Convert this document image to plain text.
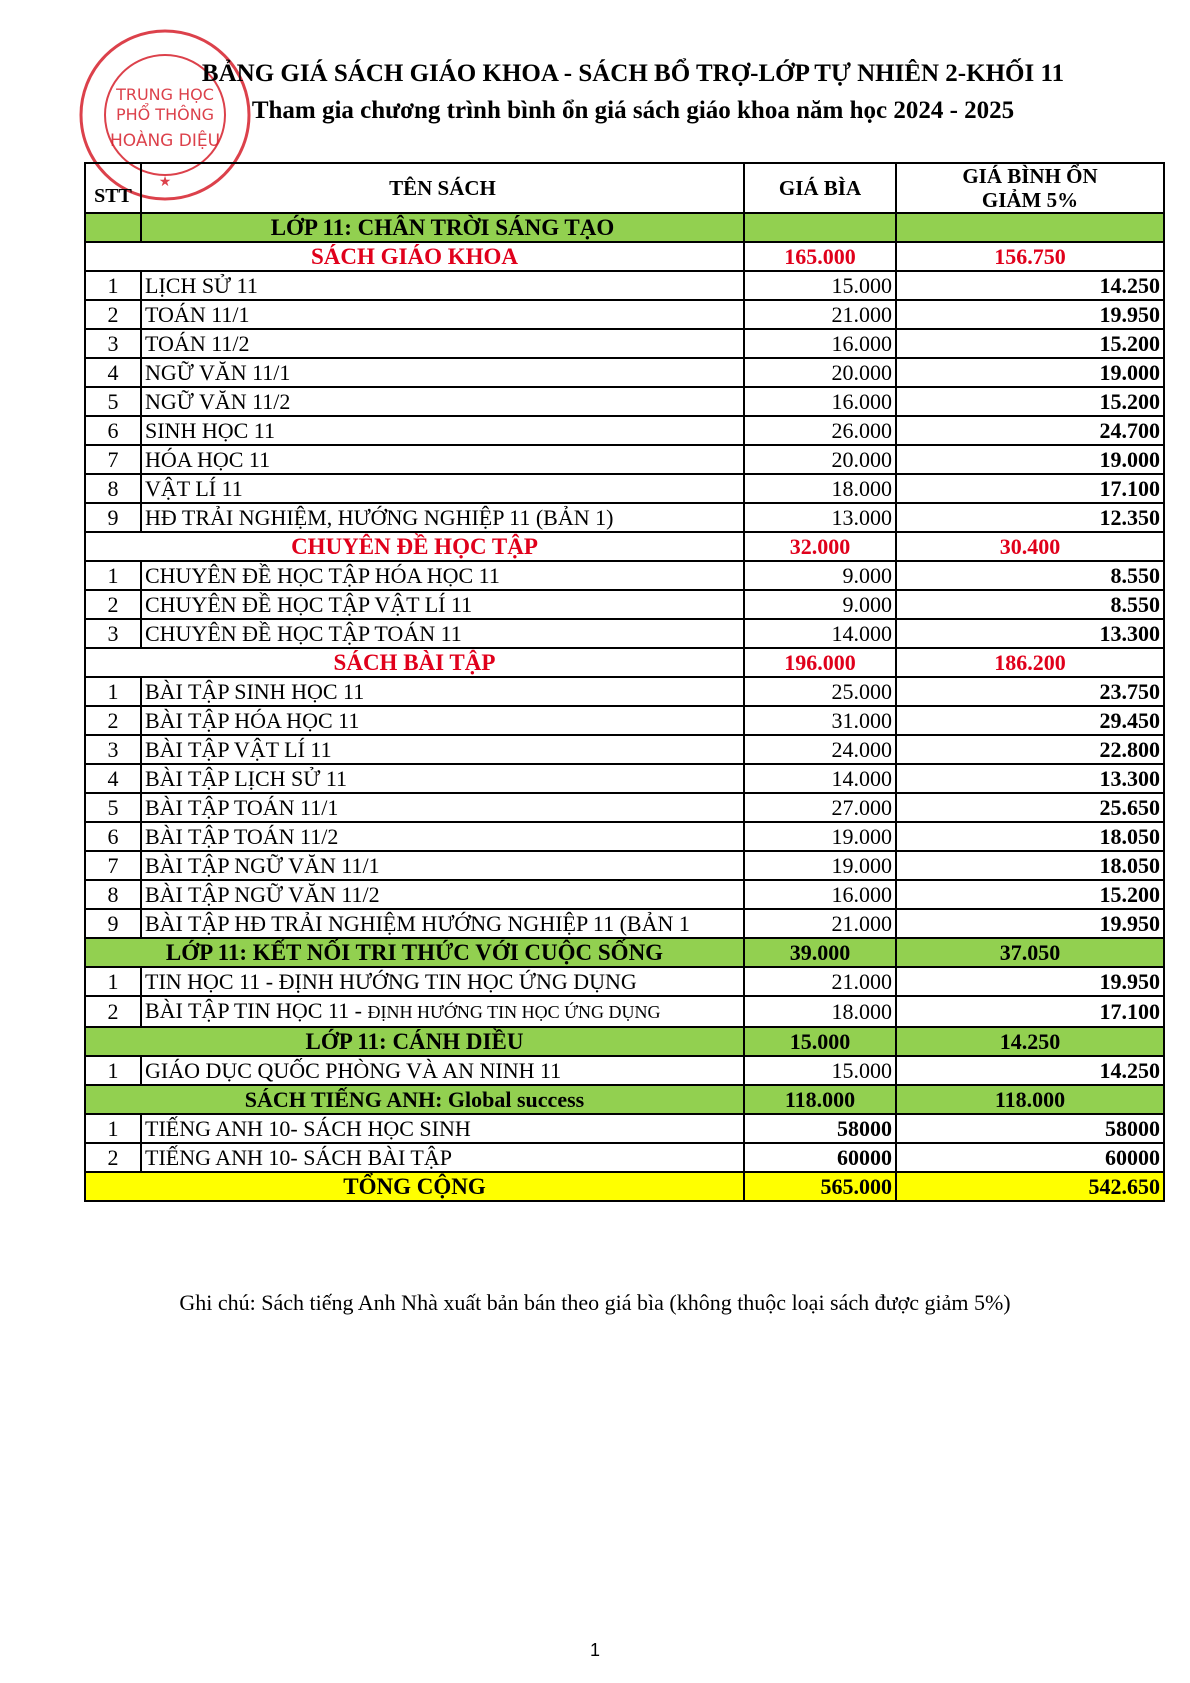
TRUNG HỌC
PHỔ THÔNG
HOÀNG DIỆU
★
BẢNG GIÁ SÁCH GIÁO KHOA - SÁCH BỔ TRỢ-LỚP TỰ NHIÊN 2-KHỐI 11
Tham gia chương trình bình ổn giá sách giáo khoa năm học 2024 - 2025
STT	TÊN SÁCH	GIÁ BÌA	GIÁ BÌNH ỔN
GIẢM 5%
	LỚP 11: CHÂN TRỜI SÁNG TẠO		
SÁCH GIÁO KHOA		165.000	156.750
1	LỊCH SỬ 11	15.000	14.250
2	TOÁN 11/1	21.000	19.950
3	TOÁN 11/2	16.000	15.200
4	NGỮ VĂN 11/1	20.000	19.000
5	NGỮ VĂN 11/2	16.000	15.200
6	SINH HỌC 11	26.000	24.700
7	HÓA HỌC 11	20.000	19.000
8	VẬT LÍ 11	18.000	17.100
9	HĐ TRẢI NGHIỆM, HƯỚNG NGHIỆP 11 (BẢN 1)	13.000	12.350
CHUYÊN ĐỀ HỌC TẬP		32.000	30.400
1	CHUYÊN ĐỀ HỌC TẬP HÓA HỌC 11	9.000	8.550
2	CHUYÊN ĐỀ HỌC TẬP VẬT LÍ 11	9.000	8.550
3	CHUYÊN ĐỀ HỌC TẬP TOÁN 11	14.000	13.300
SÁCH BÀI TẬP		196.000	186.200
1	BÀI TẬP SINH HỌC 11	25.000	23.750
2	BÀI TẬP HÓA HỌC 11	31.000	29.450
3	BÀI TẬP VẬT LÍ 11	24.000	22.800
4	BÀI TẬP LỊCH SỬ 11	14.000	13.300
5	BÀI TẬP TOÁN 11/1	27.000	25.650
6	BÀI TẬP TOÁN 11/2	19.000	18.050
7	BÀI TẬP NGỮ VĂN 11/1	19.000	18.050
8	BÀI TẬP NGỮ VĂN 11/2	16.000	15.200
9	BÀI TẬP HĐ TRẢI NGHIỆM HƯỚNG NGHIỆP 11 (BẢN 1	21.000	19.950
LỚP 11: KẾT NỐI TRI THỨC VỚI CUỘC SỐNG		39.000	37.050
1	TIN HỌC 11 - ĐỊNH HƯỚNG TIN HỌC ỨNG DỤNG	21.000	19.950
2	BÀI TẬP TIN HỌC 11 - ĐỊNH HƯỚNG TIN HỌC ỨNG DỤNG	18.000	17.100
LỚP 11: CÁNH DIỀU		15.000	14.250
1	GIÁO DỤC QUỐC PHÒNG VÀ AN NINH 11	15.000	14.250
SÁCH TIẾNG ANH: Global success		118.000	118.000
1	TIẾNG ANH 10- SÁCH HỌC SINH	58000	58000
2	TIẾNG ANH 10- SÁCH BÀI TẬP	60000	60000
TỔNG CỘNG		565.000	542.650
Ghi chú: Sách tiếng Anh Nhà xuất bản bán theo giá bìa (không thuộc loại sách được giảm 5%)
1
